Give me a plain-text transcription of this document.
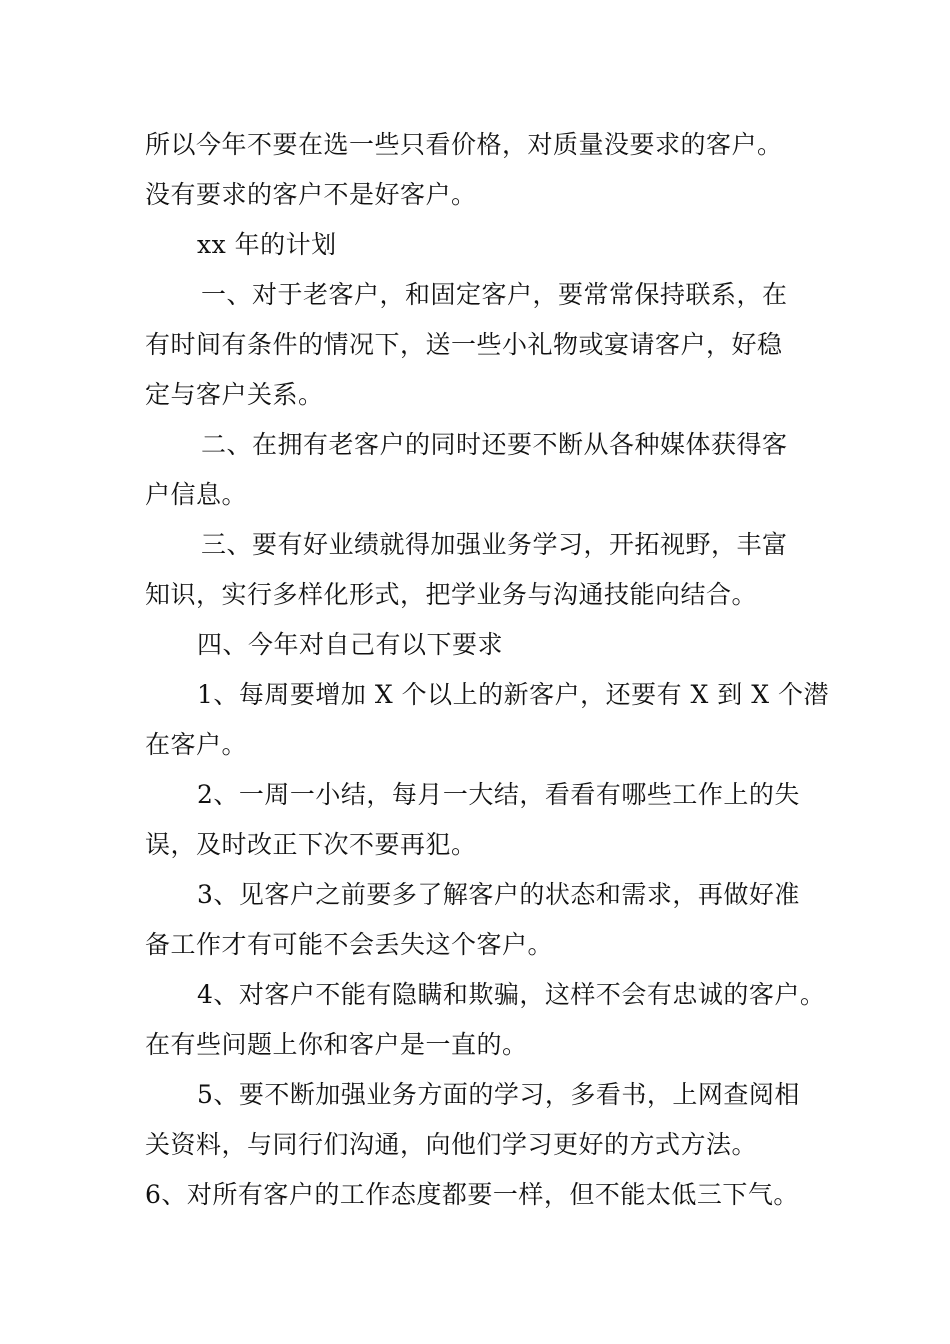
所以今年不要在选一些只看价格，对质量没要求的客户。
没有要求的客户不是好客户。
xx 年的计划
一、对于老客户，和固定客户，要常常保持联系，在
有时间有条件的情况下，送一些小礼物或宴请客户，好稳
定与客户关系。
二、在拥有老客户的同时还要不断从各种媒体获得客
户信息。
三、要有好业绩就得加强业务学习，开拓视野，丰富
知识，实行多样化形式，把学业务与沟通技能向结合。
四、今年对自己有以下要求
1、每周要增加 X 个以上的新客户，还要有 X 到 X 个潜
在客户。
2、一周一小结，每月一大结，看看有哪些工作上的失
误，及时改正下次不要再犯。
3、见客户之前要多了解客户的状态和需求，再做好准
备工作才有可能不会丢失这个客户。
4、对客户不能有隐瞒和欺骗，这样不会有忠诚的客户。
在有些问题上你和客户是一直的。
5、要不断加强业务方面的学习，多看书，上网查阅相
关资料，与同行们沟通，向他们学习更好的方式方法。
6、对所有客户的工作态度都要一样，但不能太低三下气。
